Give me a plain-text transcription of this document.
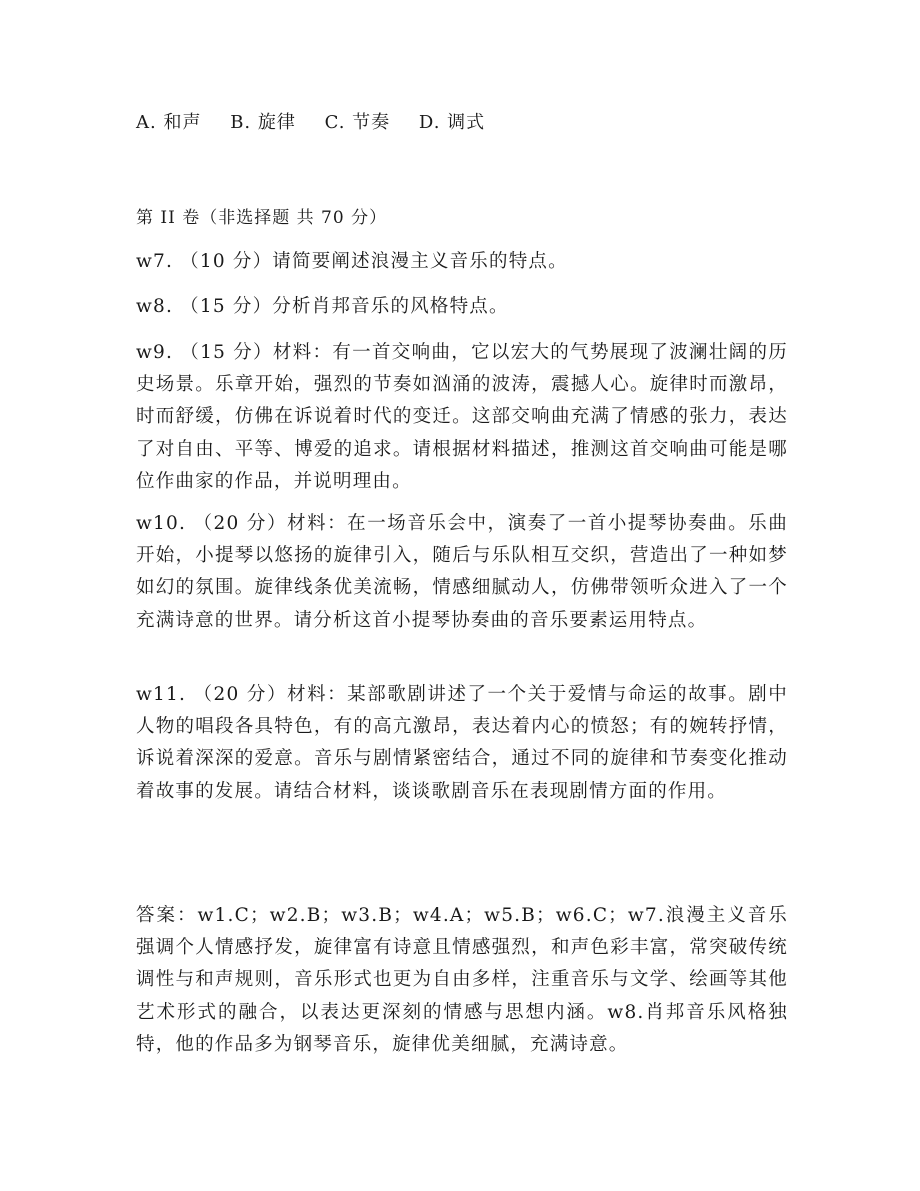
A. 和声 B. 旋律 C. 节奏 D. 调式
第 II 卷（非选择题 共 70 分）
w7. （10 分）请简要阐述浪漫主义音乐的特点。
w8. （15 分）分析肖邦音乐的风格特点。
w9. （15 分）材料：有一首交响曲，它以宏大的气势展现了波澜壮阔的历史场景。乐章开始，强烈的节奏如汹涌的波涛，震撼人心。旋律时而激昂，时而舒缓，仿佛在诉说着时代的变迁。这部交响曲充满了情感的张力，表达了对自由、平等、博爱的追求。请根据材料描述，推测这首交响曲可能是哪位作曲家的作品，并说明理由。
w10. （20 分）材料：在一场音乐会中，演奏了一首小提琴协奏曲。乐曲开始，小提琴以悠扬的旋律引入，随后与乐队相互交织，营造出了一种如梦如幻的氛围。旋律线条优美流畅，情感细腻动人，仿佛带领听众进入了一个充满诗意的世界。请分析这首小提琴协奏曲的音乐要素运用特点。
w11. （20 分）材料：某部歌剧讲述了一个关于爱情与命运的故事。剧中人物的唱段各具特色，有的高亢激昂，表达着内心的愤怒；有的婉转抒情，诉说着深深的爱意。音乐与剧情紧密结合，通过不同的旋律和节奏变化推动着故事的发展。请结合材料，谈谈歌剧音乐在表现剧情方面的作用。
答案：w1.C；w2.B；w3.B；w4.A；w5.B；w6.C；w7.浪漫主义音乐强调个人情感抒发，旋律富有诗意且情感强烈，和声色彩丰富，常突破传统调性与和声规则，音乐形式也更为自由多样，注重音乐与文学、绘画等其他艺术形式的融合，以表达更深刻的情感与思想内涵。w8.肖邦音乐风格独特，他的作品多为钢琴音乐，旋律优美细腻，充满诗意。
